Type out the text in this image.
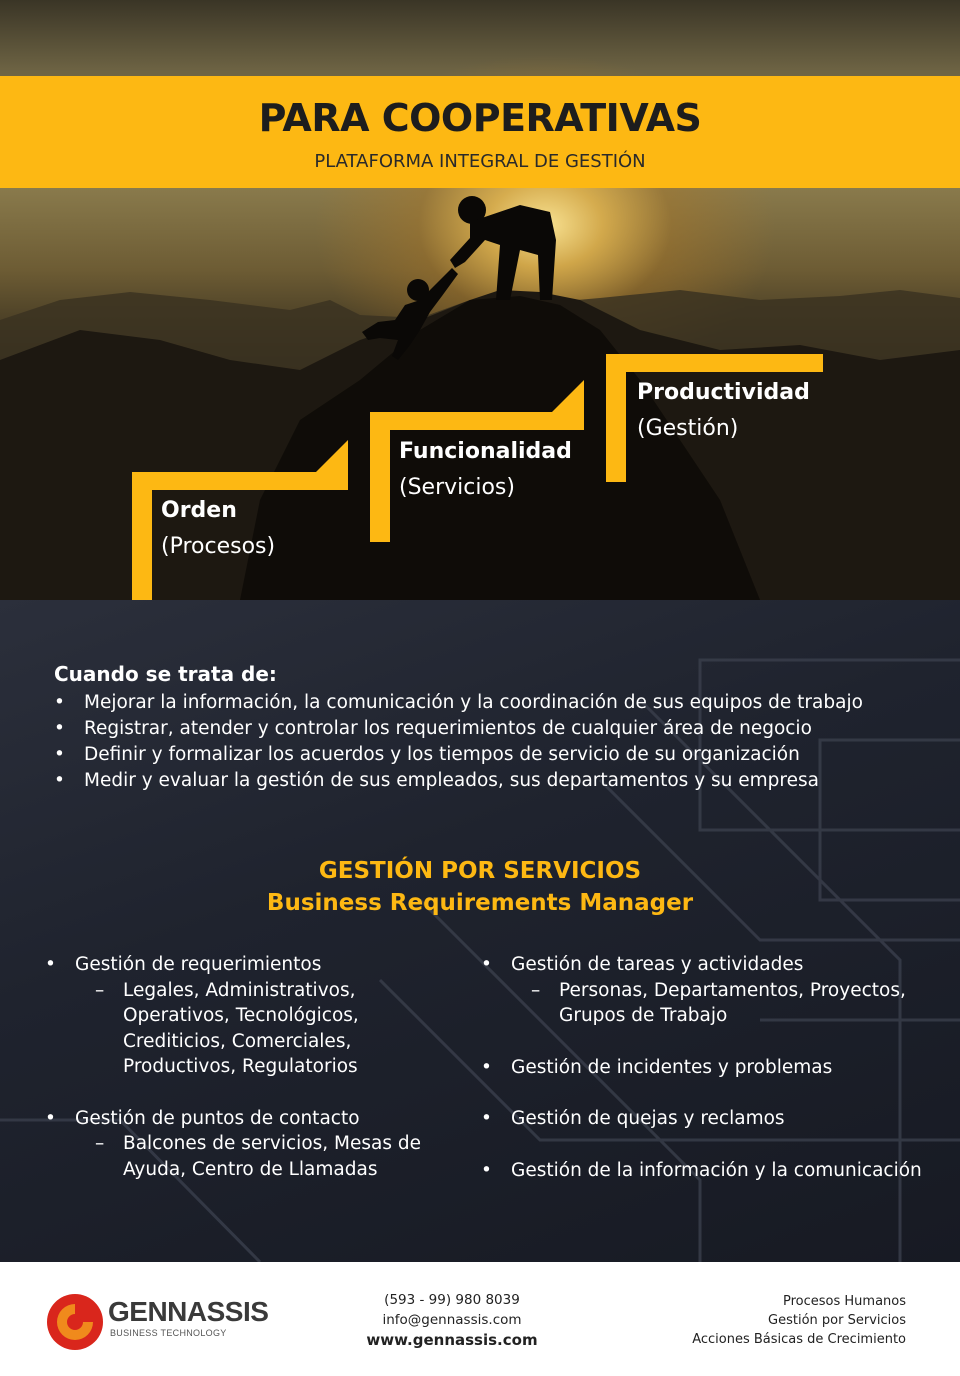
PARA COOPERATIVAS
PLATAFORMA INTEGRAL DE GESTIÓN
Orden
(Procesos)
Funcionalidad
(Servicios)
Productividad
(Gestión)
Cuando se trata de:
• Mejorar la información, la comunicación y la coordinación de sus equipos de trabajo
• Registrar, atender y controlar los requerimientos de cualquier área de negocio
• Definir y formalizar los acuerdos y los tiempos de servicio de su organización
• Medir y evaluar la gestión de sus empleados, sus departamentos y su empresa
GESTIÓN POR SERVICIOS
Business Requirements Manager
•	Gestión de requerimientos
– Legales, Administrativos,
Operativos, Tecnológicos,
Crediticios, Comerciales,
Productivos, Regulatorios
•	Gestión de puntos de contacto
– Balcones de servicios, Mesas de
Ayuda, Centro de Llamadas
•	Gestión de tareas y actividades
– Personas, Departamentos, Proyectos,
Grupos de Trabajo
•	Gestión de incidentes y problemas
•	Gestión de quejas y reclamos
•	Gestión de la información y la comunicación
GENNASSIS
BUSINESS TECHNOLOGY
(593 - 99) 980 8039
info@gennassis.com
www.gennassis.com
Procesos Humanos
Gestión por Servicios
Acciones Básicas de Crecimiento
